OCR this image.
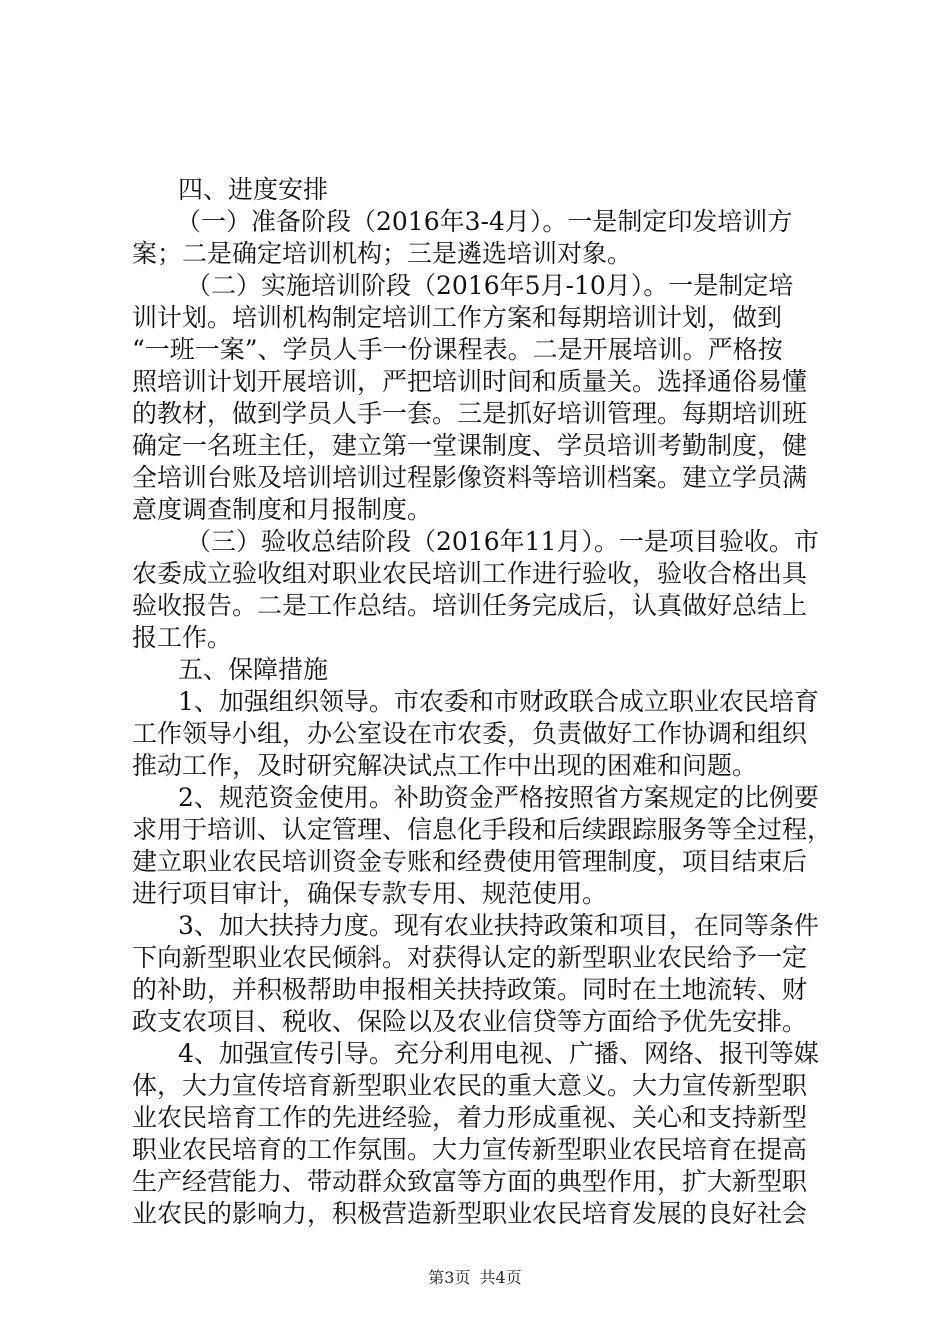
四、进度安排
（一）准备阶段（2016年3-4月）。一是制定印发培训方
案；二是确定培训机构；三是遴选培训对象。
（二）实施培训阶段（2016年5月-10月）。一是制定培
训计划。培训机构制定培训工作方案和每期培训计划，做到
“一班一案”、学员人手一份课程表。二是开展培训。严格按
照培训计划开展培训，严把培训时间和质量关。选择通俗易懂
的教材，做到学员人手一套。三是抓好培训管理。每期培训班
确定一名班主任，建立第一堂课制度、学员培训考勤制度，健
全培训台账及培训培训过程影像资料等培训档案。建立学员满
意度调查制度和月报制度。
（三）验收总结阶段（2016年11月）。一是项目验收。市
农委成立验收组对职业农民培训工作进行验收，验收合格出具
验收报告。二是工作总结。培训任务完成后，认真做好总结上
报工作。
五、保障措施
1、加强组织领导。市农委和市财政联合成立职业农民培育
工作领导小组，办公室设在市农委，负责做好工作协调和组织
推动工作，及时研究解决试点工作中出现的困难和问题。
2、规范资金使用。补助资金严格按照省方案规定的比例要
求用于培训、认定管理、信息化手段和后续跟踪服务等全过程，
建立职业农民培训资金专账和经费使用管理制度，项目结束后
进行项目审计，确保专款专用、规范使用。
3、加大扶持力度。现有农业扶持政策和项目，在同等条件
下向新型职业农民倾斜。对获得认定的新型职业农民给予一定
的补助，并积极帮助申报相关扶持政策。同时在土地流转、财
政支农项目、税收、保险以及农业信贷等方面给予优先安排。
4、加强宣传引导。充分利用电视、广播、网络、报刊等媒
体，大力宣传培育新型职业农民的重大意义。大力宣传新型职
业农民培育工作的先进经验，着力形成重视、关心和支持新型
职业农民培育的工作氛围。大力宣传新型职业农民培育在提高
生产经营能力、带动群众致富等方面的典型作用，扩大新型职
业农民的影响力，积极营造新型职业农民培育发展的良好社会
第3页 共4页
